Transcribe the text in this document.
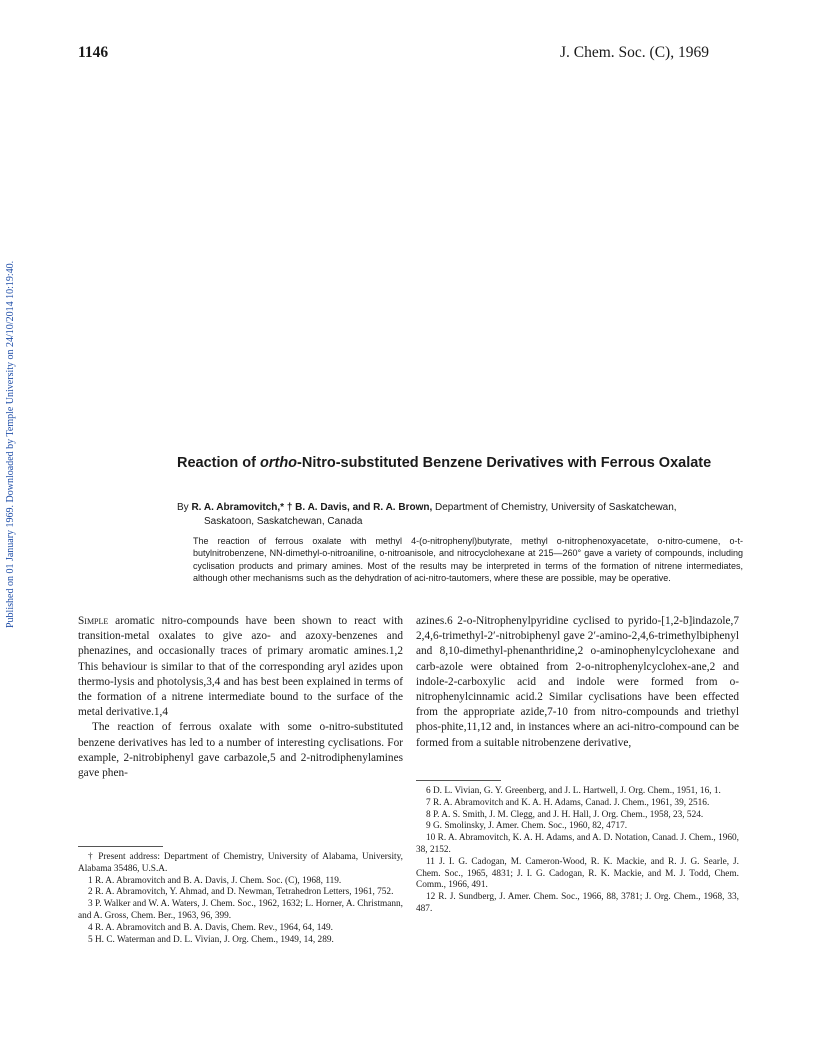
1146	J. Chem. Soc. (C), 1969
Published on 01 January 1969. Downloaded by Temple University on 24/10/2014 10:19:40.	Reaction of ortho-Nitro-substituted Benzene Derivatives with Ferrous Oxalate
By R. A. Abramovitch,* † B. A. Davis, and R. A. Brown, Department of Chemistry, University of Saskatchewan,
Saskatoon, Saskatchewan, Canada
The reaction of ferrous oxalate with methyl 4-(o-nitrophenyl)butyrate, methyl o-nitrophenoxyacetate, o-nitro-cumene, o-t-butylnitrobenzene, NN-dimethyl-o-nitroaniline, o-nitroanisole, and nitrocyclohexane at 215—260° gave a variety of compounds, including cyclisation products and primary amines. Most of the results may be interpreted in terms of the formation of nitrene intermediates, although other mechanisms such as the dehydration of aci-nitro-tautomers, where these are possible, may be operative.

Simple aromatic nitro-compounds have been shown to react with transition-metal oxalates to give azo- and azoxy-benzenes and phenazines, and occasionally traces of primary aromatic amines.1,2 This behaviour is similar to that of the corresponding aryl azides upon thermo-lysis and photolysis,3,4 and has best been explained in terms of the formation of a nitrene intermediate bound to the surface of the metal derivative.1,4

The reaction of ferrous oxalate with some o-nitro-substituted benzene derivatives has led to a number of interesting cyclisations. For example, 2-nitrobiphenyl gave carbazole,5 and 2-nitrodiphenylamines gave phen-

azines.6 2-o-Nitrophenylpyridine cyclised to pyrido-[1,2-b]indazole,7 2,4,6-trimethyl-2′-nitrobiphenyl gave 2′-amino-2,4,6-trimethylbiphenyl and 8,10-dimethyl-phenanthridine,2 o-aminophenylcyclohexane and carb-azole were obtained from 2-o-nitrophenylcyclohex-ane,2 and indole-2-carboxylic acid and indole were formed from o-nitrophenylcinnamic acid.2 Similar cyclisations have been effected from the appropriate azide,7-10 from nitro-compounds and triethyl phos-phite,11,12 and, in instances where an aci-nitro-compound can be formed from a suitable nitrobenzene derivative,

† Present address: Department of Chemistry, University of Alabama, University, Alabama 35486, U.S.A.

1 R. A. Abramovitch and B. A. Davis, J. Chem. Soc. (C), 1968, 119.

2 R. A. Abramovitch, Y. Ahmad, and D. Newman, Tetrahedron Letters, 1961, 752.

3 P. Walker and W. A. Waters, J. Chem. Soc., 1962, 1632; L. Horner, A. Christmann, and A. Gross, Chem. Ber., 1963, 96, 399.

4 R. A. Abramovitch and B. A. Davis, Chem. Rev., 1964, 64, 149.

5 H. C. Waterman and D. L. Vivian, J. Org. Chem., 1949, 14, 289.

6 D. L. Vivian, G. Y. Greenberg, and J. L. Hartwell, J. Org. Chem., 1951, 16, 1.

7 R. A. Abramovitch and K. A. H. Adams, Canad. J. Chem., 1961, 39, 2516.

8 P. A. S. Smith, J. M. Clegg, and J. H. Hall, J. Org. Chem., 1958, 23, 524.

9 G. Smolinsky, J. Amer. Chem. Soc., 1960, 82, 4717.

10 R. A. Abramovitch, K. A. H. Adams, and A. D. Notation, Canad. J. Chem., 1960, 38, 2152.

11 J. I. G. Cadogan, M. Cameron-Wood, R. K. Mackie, and R. J. G. Searle, J. Chem. Soc., 1965, 4831; J. I. G. Cadogan, R. K. Mackie, and M. J. Todd, Chem. Comm., 1966, 491.

12 R. J. Sundberg, J. Amer. Chem. Soc., 1966, 88, 3781; J. Org. Chem., 1968, 33, 487.
